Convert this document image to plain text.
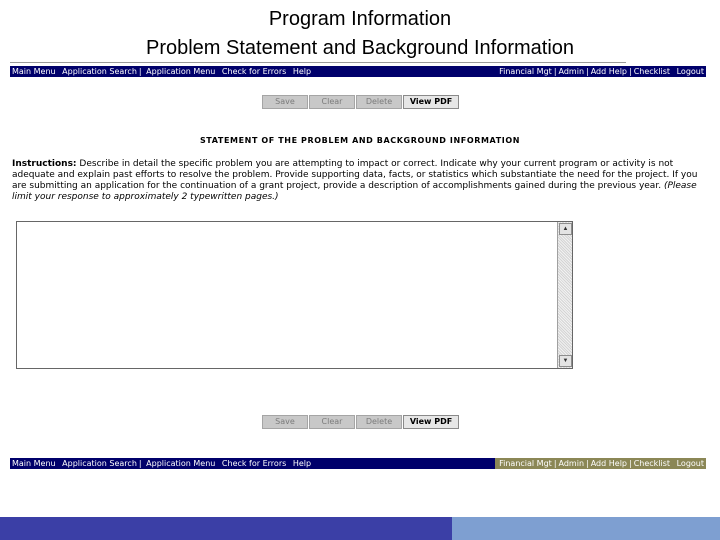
Program Information
Problem Statement and Background Information
Main Menu Application Search | Application Menu Check for Errors Help	Financial Mgt | Admin | Add Help | Checklist Logout
Save	Clear	Delete	View PDF
STATEMENT OF THE PROBLEM AND BACKGROUND INFORMATION
Instructions: Describe in detail the specific problem you are attempting to impact or correct. Indicate why your current program or activity is not adequate and explain past efforts to resolve the problem. Provide supporting data, facts, or statistics which substantiate the need for the project. If you are submitting an application for the continuation of a grant project, provide a description of accomplishments gained during the previous year. (Please limit your response to approximately 2 typewritten pages.)
▲
▼
Save	Clear	Delete	View PDF
Main Menu Application Search | Application Menu Check for Errors Help	Financial Mgt | Admin | Add Help | Checklist Logout
